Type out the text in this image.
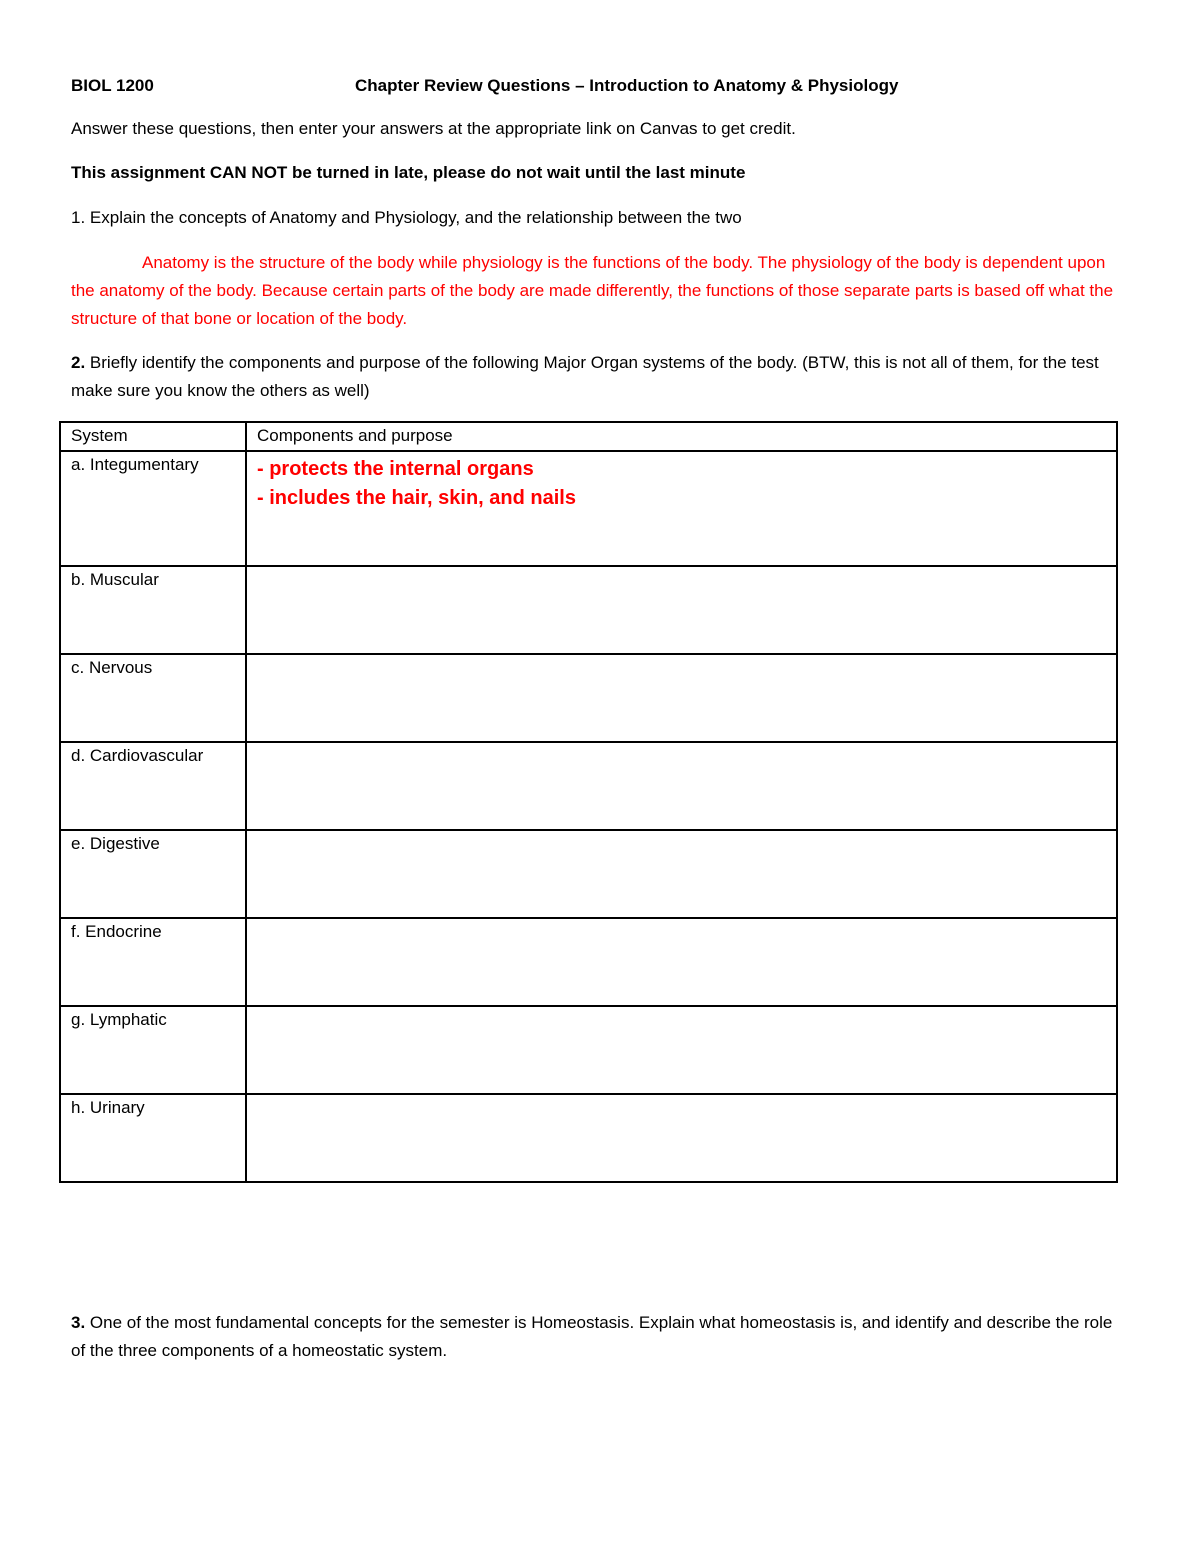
BIOL 1200	Chapter Review Questions – Introduction to Anatomy & Physiology
Answer these questions, then enter your answers at the appropriate link on Canvas to get credit.
This assignment CAN NOT be turned in late, please do not wait until the last minute
1. Explain the concepts of Anatomy and Physiology, and the relationship between the two
Anatomy is the structure of the body while physiology is the functions of the body. The physiology of the body is dependent upon the anatomy of the body. Because certain parts of the body are made differently, the functions of those separate parts is based off what the structure of that bone or location of the body.
2. Briefly identify the components and purpose of the following Major Organ systems of the body. (BTW, this is not all of them, for the test make sure you know the others as well)
System	Components and purpose
a. Integumentary	- protects the internal organs
- includes the hair, skin, and nails

b. Muscular	
c. Nervous	
d. Cardiovascular	
e. Digestive	
f. Endocrine	
g. Lymphatic	
h. Urinary	
3. One of the most fundamental concepts for the semester is Homeostasis. Explain what homeostasis is, and identify and describe the role of the three components of a homeostatic system.
